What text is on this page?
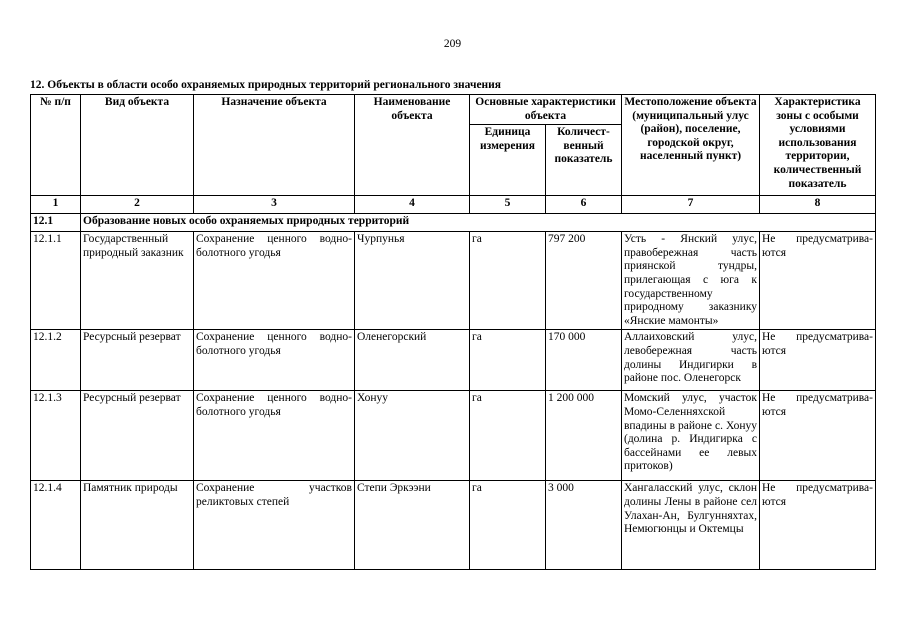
209
12. Объекты в области особо охраняемых природных территорий регионального значения
№ п/п	Вид объекта	Назначение объекта	Наименование объекта	Основные характеристики объекта		Местоположение объекта (муниципальный улус (район), поселение, городской округ, населенный пункт)	Характеристика зоны с особыми условиями использования территории, количественный показатель
				Единица измерения	Количест-венный показатель		
1	2	3	4	5	6	7	8
12.1	Образование новых особо охраняемых природных территорий						
12.1.1	Государственный природный заказник	Сохранение ценного водно-болотного угодья	Чурпунья	га	797 200	Усть - Янский улус, правобережная часть приянской тундры, прилегающая с юга к государственному природному заказнику «Янские мамонты»	Не предусматрива-ются
12.1.2	Ресурсный резерват	Сохранение ценного водно-болотного угодья	Оленегорский	га	170 000	Аллаиховский улус, левобережная часть долины Индигирки в районе пос. Оленегорск	Не предусматрива-ются
12.1.3	Ресурсный резерват	Сохранение ценного водно-болотного угодья	Хонуу	га	1 200 000	Момский улус, участок Момо-Селенняхской впадины в районе с. Хонуу (долина р. Индигирка с бассейнами ее левых притоков)	Не предусматрива-ются
12.1.4	Памятник природы	Сохранение участков реликтовых степей	Степи Эркээни	га	3 000	Хангаласский улус, склон долины Лены в районе сел Улахан-Ан, Булгунняхтах, Немюгюнцы и Октемцы	Не предусматрива-ются
